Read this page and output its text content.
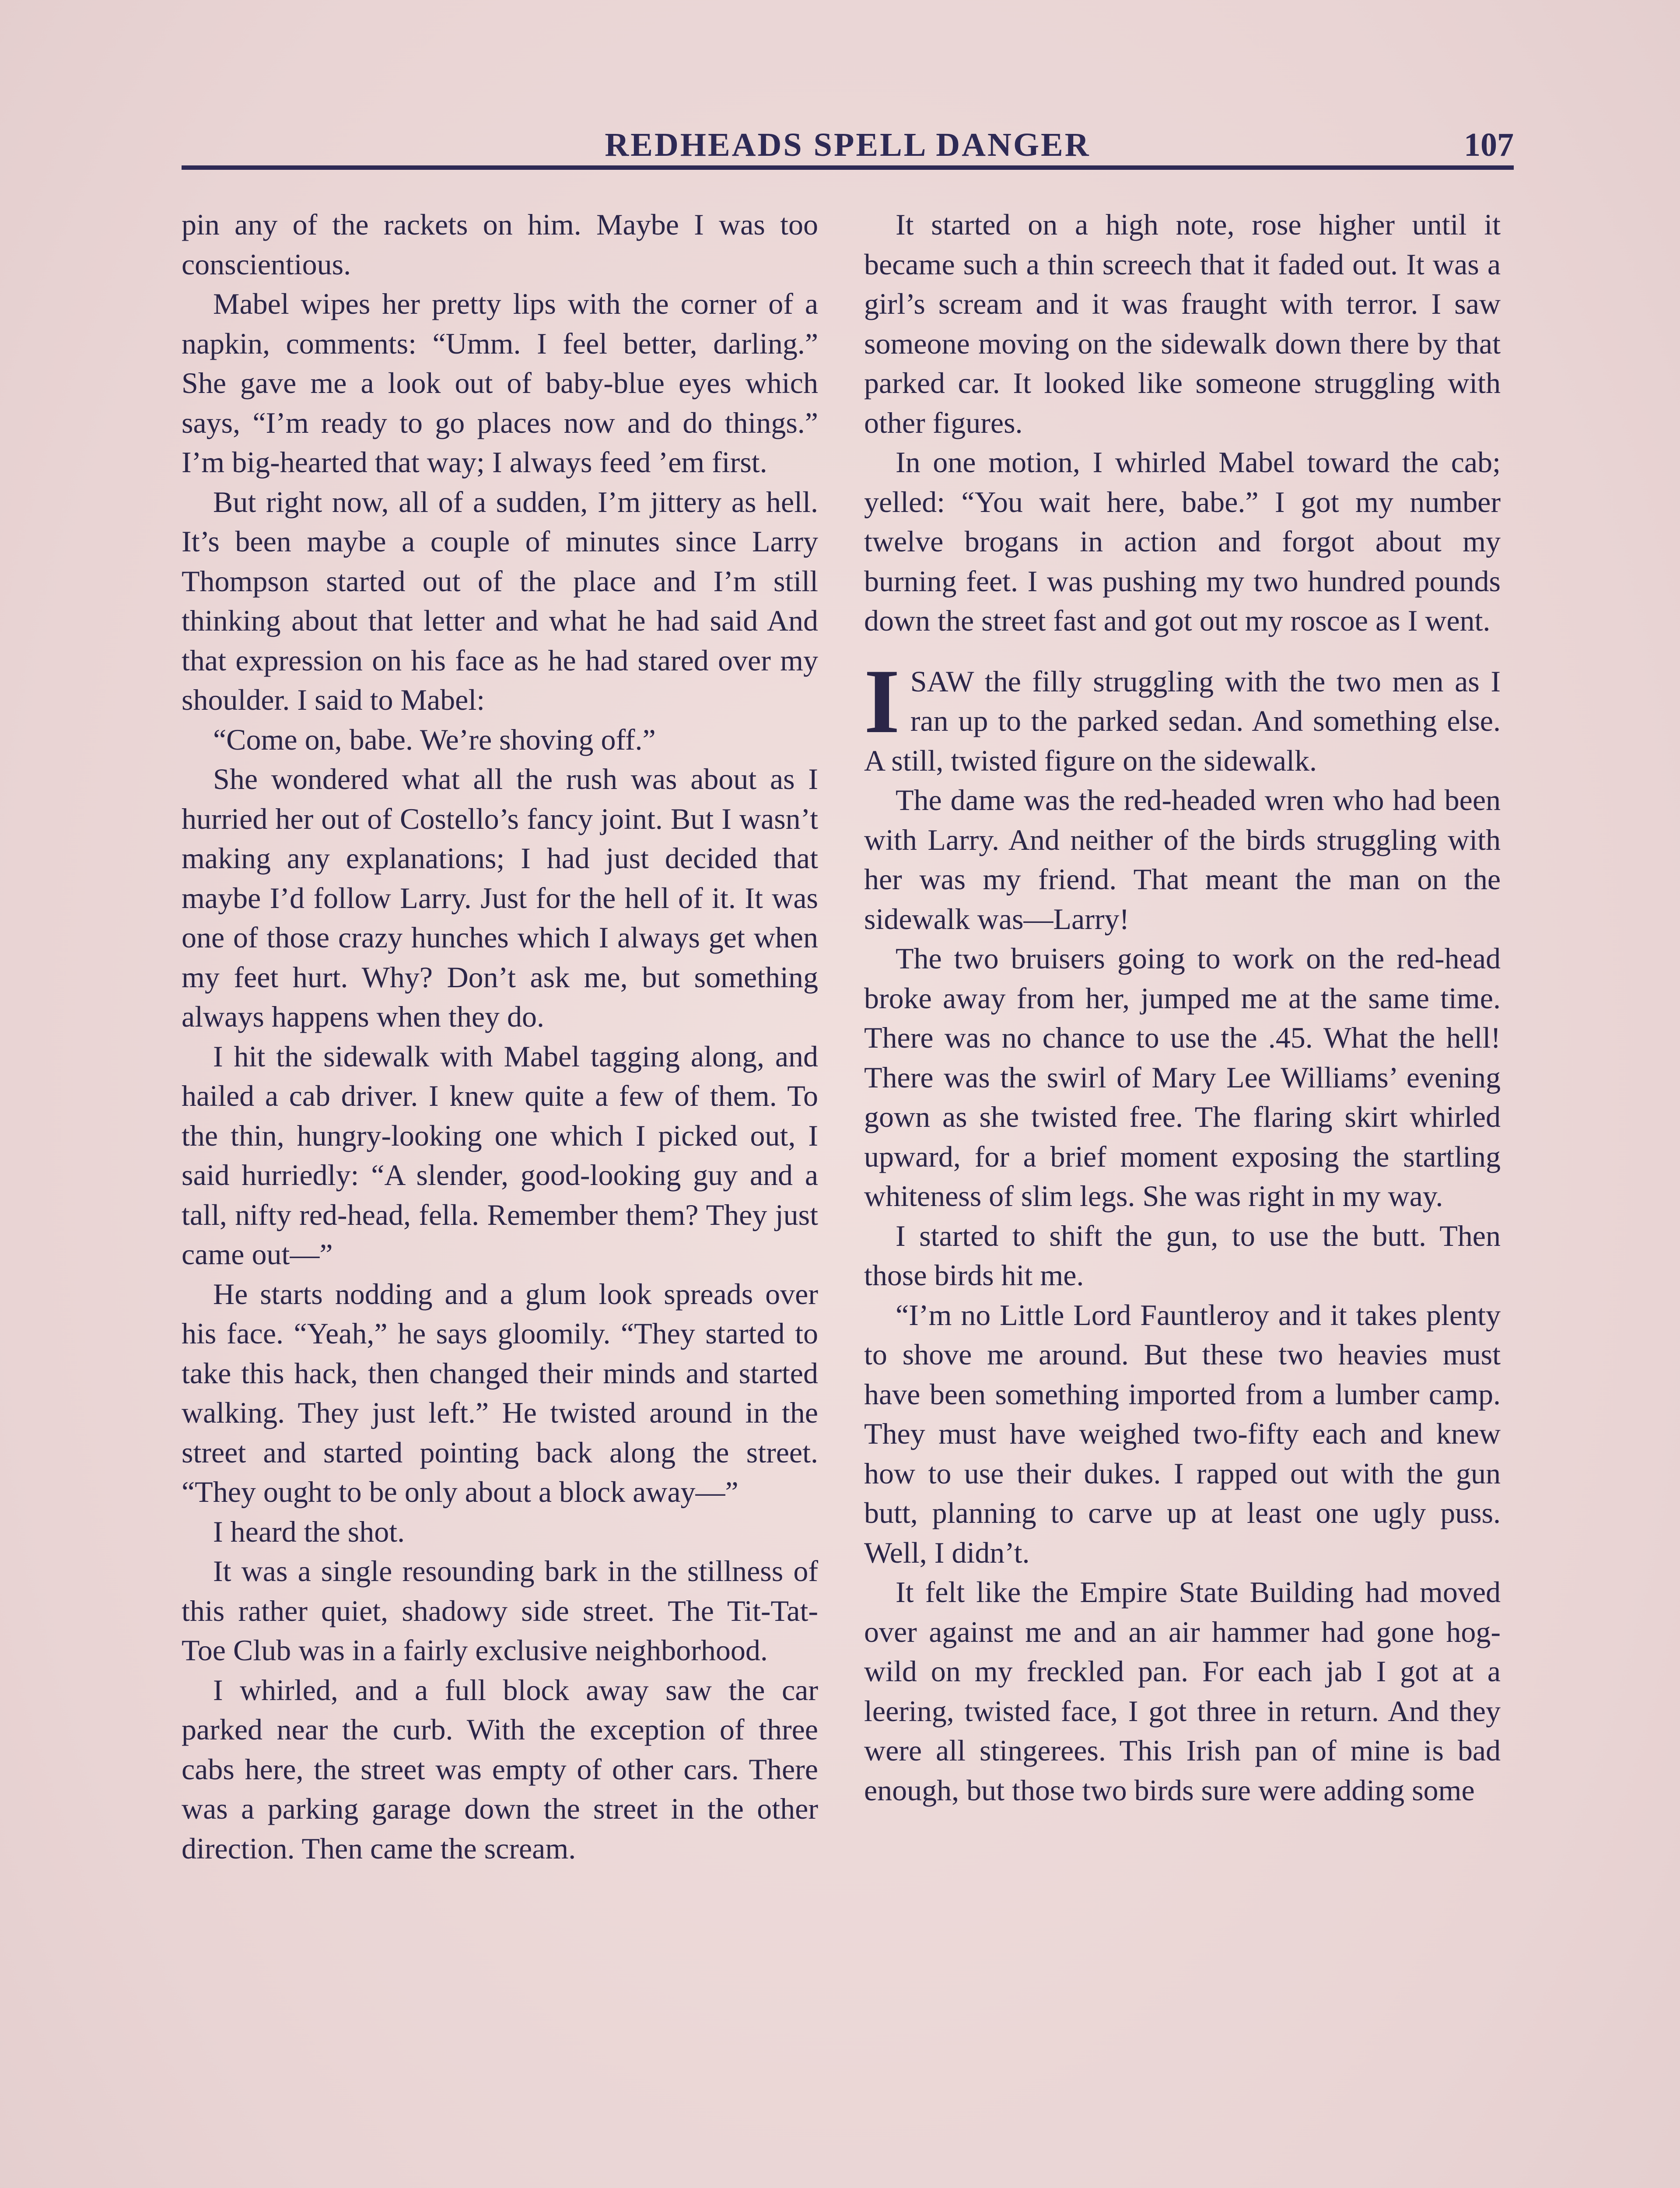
REDHEADS SPELL DANGER	107

pin any of the rackets on him. Maybe I was too conscientious.

Mabel wipes her pretty lips with the corner of a napkin, comments: “Umm. I feel better, darling.” She gave me a look out of baby-blue eyes which says, “I’m ready to go places now and do things.” I’m big-hearted that way; I always feed ’em first.

But right now, all of a sudden, I’m jittery as hell. It’s been maybe a couple of minutes since Larry Thompson started out of the place and I’m still thinking about that letter and what he had said And that expression on his face as he had stared over my shoulder. I said to Mabel:

“Come on, babe. We’re shoving off.”

She wondered what all the rush was about as I hurried her out of Costello’s fancy joint. But I wasn’t making any explanations; I had just decided that maybe I’d follow Larry. Just for the hell of it. It was one of those crazy hunches which I always get when my feet hurt. Why? Don’t ask me, but something always happens when they do.

I hit the sidewalk with Mabel tagging along, and hailed a cab driver. I knew quite a few of them. To the thin, hungry-looking one which I picked out, I said hurriedly: “A slender, good-looking guy and a tall, nifty red-head, fella. Remember them? They just came out—”

He starts nodding and a glum look spreads over his face. “Yeah,” he says gloomily. “They started to take this hack, then changed their minds and started walking. They just left.” He twisted around in the street and started pointing back along the street. “They ought to be only about a block away—”

I heard the shot.

It was a single resounding bark in the stillness of this rather quiet, shadowy side street. The Tit-Tat-Toe Club was in a fairly exclusive neighborhood.

I whirled, and a full block away saw the car parked near the curb. With the exception of three cabs here, the street was empty of other cars. There was a parking garage down the street in the other direction. Then came the scream.

It started on a high note, rose higher until it became such a thin screech that it faded out. It was a girl’s scream and it was fraught with terror. I saw someone moving on the sidewalk down there by that parked car. It looked like someone struggling with other figures.

In one motion, I whirled Mabel toward the cab; yelled: “You wait here, babe.” I got my number twelve brogans in action and forgot about my burning feet. I was pushing my two hundred pounds down the street fast and got out my roscoe as I went.

ISAW the filly struggling with the two men as I ran up to the parked sedan. And something else. A still, twisted figure on the sidewalk.

The dame was the red-headed wren who had been with Larry. And neither of the birds struggling with her was my friend. That meant the man on the sidewalk was—Larry!

The two bruisers going to work on the red-head broke away from her, jumped me at the same time. There was no chance to use the .45. What the hell! There was the swirl of Mary Lee Williams’ evening gown as she twisted free. The flaring skirt whirled upward, for a brief moment exposing the startling whiteness of slim legs. She was right in my way.

I started to shift the gun, to use the butt. Then those birds hit me.

“I’m no Little Lord Fauntleroy and it takes plenty to shove me around. But these two heavies must have been something imported from a lumber camp. They must have weighed two-fifty each and knew how to use their dukes. I rapped out with the gun butt, planning to carve up at least one ugly puss. Well, I didn’t.

It felt like the Empire State Building had moved over against me and an air hammer had gone hog-wild on my freckled pan. For each jab I got at a leering, twisted face, I got three in return. And they were all stingerees. This Irish pan of mine is bad enough, but those two birds sure were adding some
